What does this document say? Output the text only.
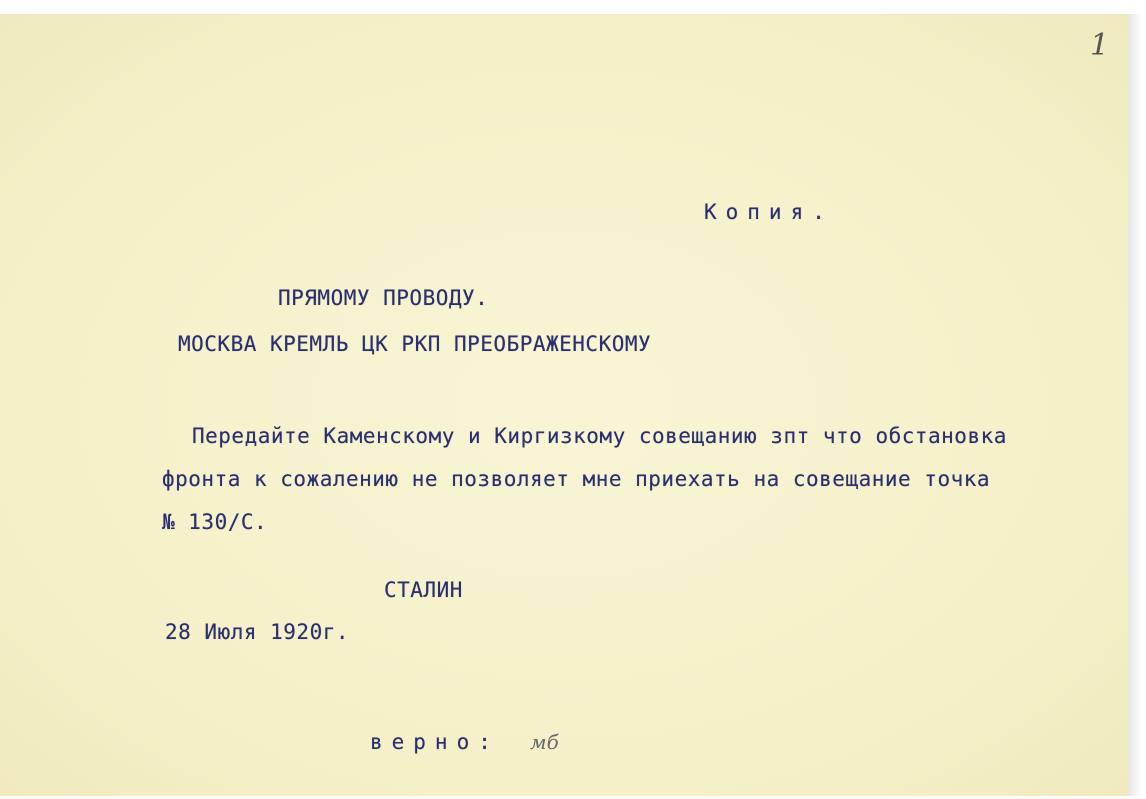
1
Копия.
ПРЯМОМУ ПРОВОДУ.
МОСКВА КРЕМЛЬ ЦК РКП ПРЕОБРАЖЕНСКОМУ
Передайте Каменскому и Киргизкому совещанию зпт что обстановка
фронта к сожалению не позволяет мне приехать на совещание точка
№ 130/С.
СТАЛИН
28 Июля 1920г.
верно: мб
